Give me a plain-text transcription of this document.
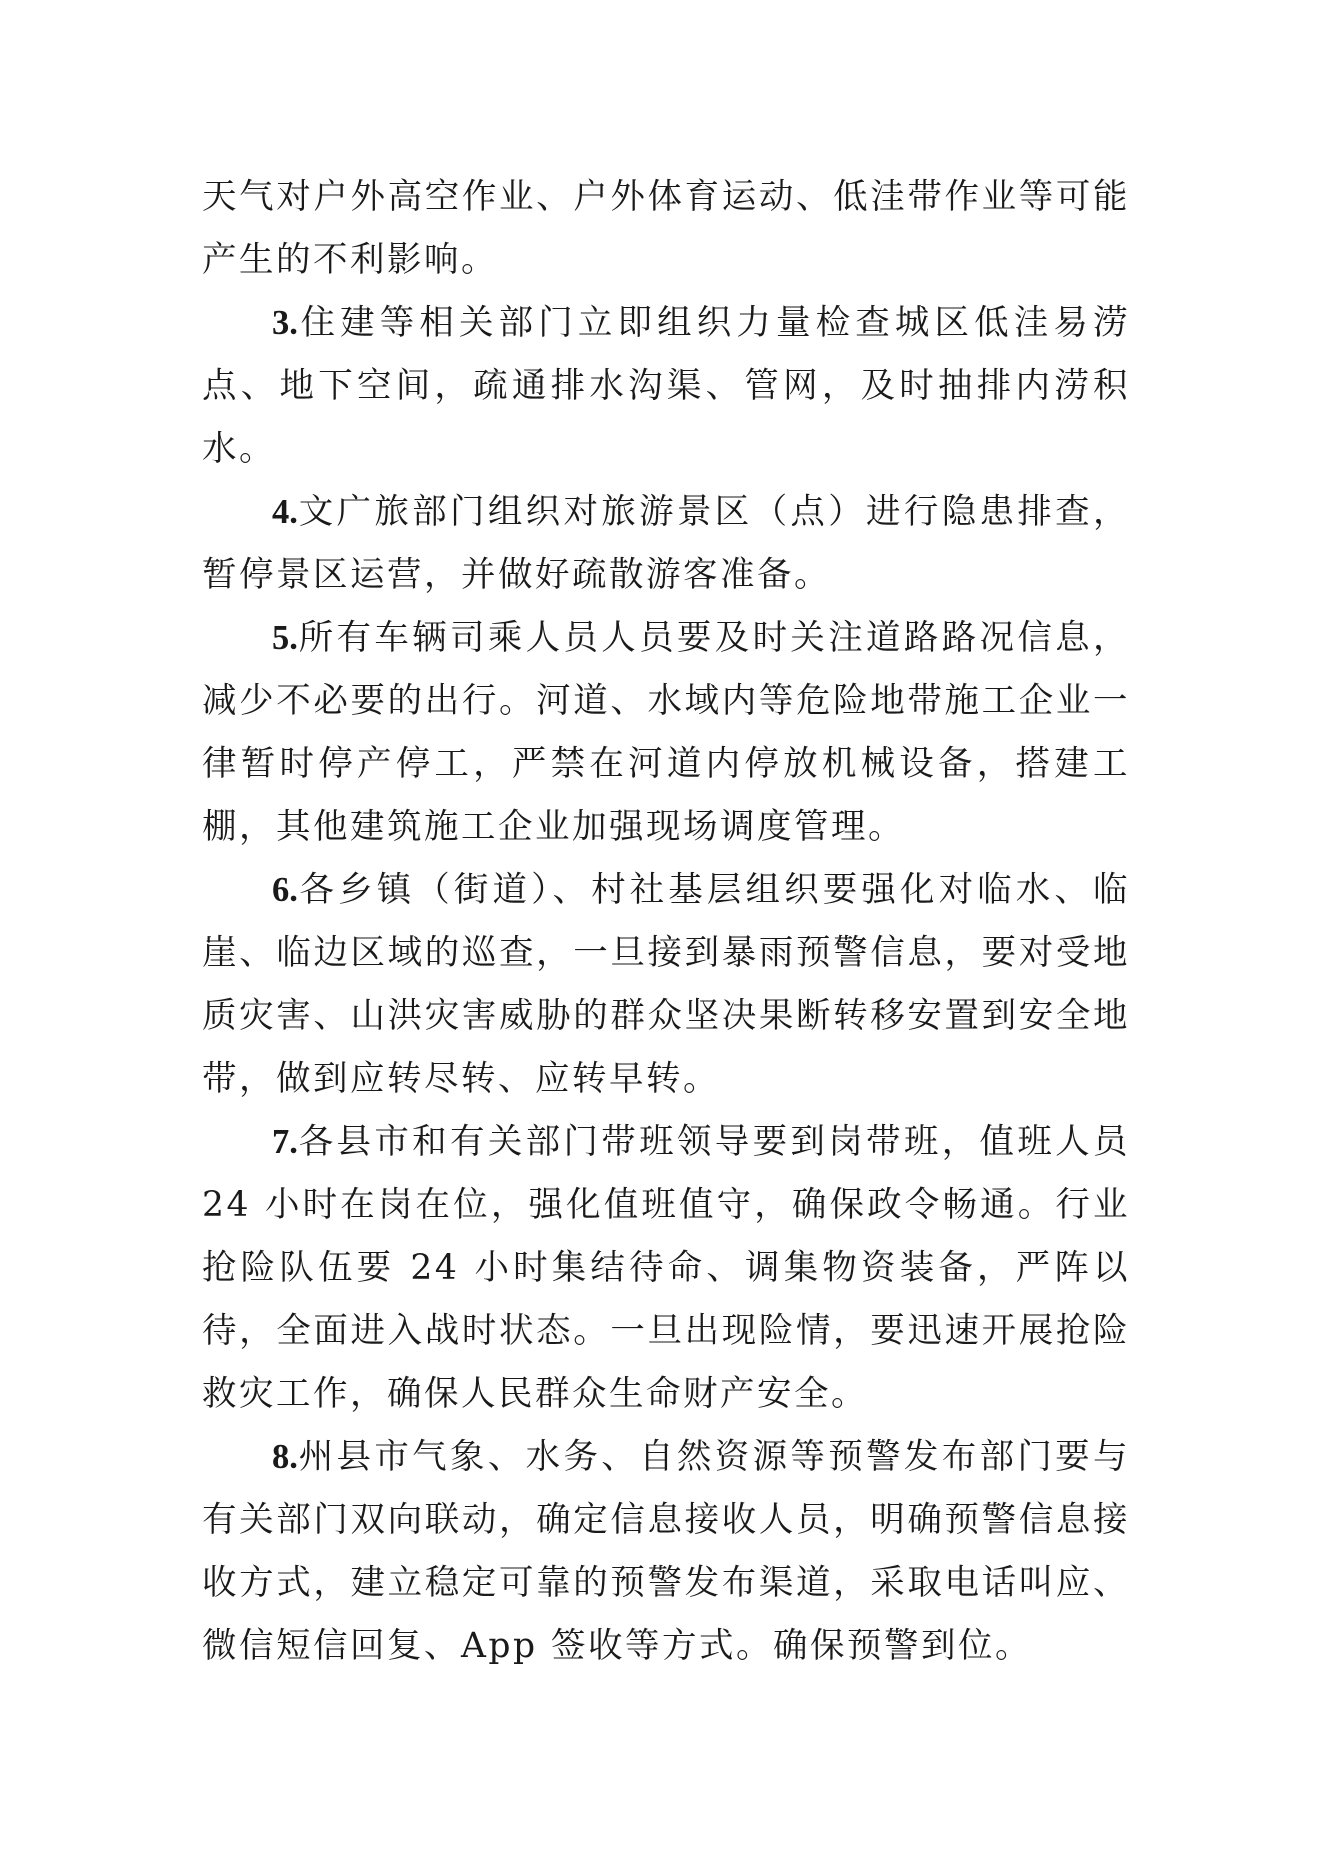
天气对户外高空作业、户外体育运动、低洼带作业等可能产生的不利影响。

3.住建等相关部门立即组织力量检查城区低洼易涝点、地下空间，疏通排水沟渠、管网，及时抽排内涝积水。

4.文广旅部门组织对旅游景区（点）进行隐患排查，暂停景区运营，并做好疏散游客准备。

5.所有车辆司乘人员人员要及时关注道路路况信息，减少不必要的出行。河道、水域内等危险地带施工企业一律暂时停产停工，严禁在河道内停放机械设备，搭建工棚，其他建筑施工企业加强现场调度管理。

6.各乡镇（街道）、村社基层组织要强化对临水、临崖、临边区域的巡查，一旦接到暴雨预警信息，要对受地质灾害、山洪灾害威胁的群众坚决果断转移安置到安全地带，做到应转尽转、应转早转。

7.各县市和有关部门带班领导要到岗带班，值班人员 24 小时在岗在位，强化值班值守，确保政令畅通。行业抢险队伍要 24 小时集结待命、调集物资装备，严阵以待，全面进入战时状态。一旦出现险情，要迅速开展抢险救灾工作，确保人民群众生命财产安全。

8.州县市气象、水务、自然资源等预警发布部门要与有关部门双向联动，确定信息接收人员，明确预警信息接收方式，建立稳定可靠的预警发布渠道，采取电话叫应、微信短信回复、App 签收等方式。确保预警到位。
